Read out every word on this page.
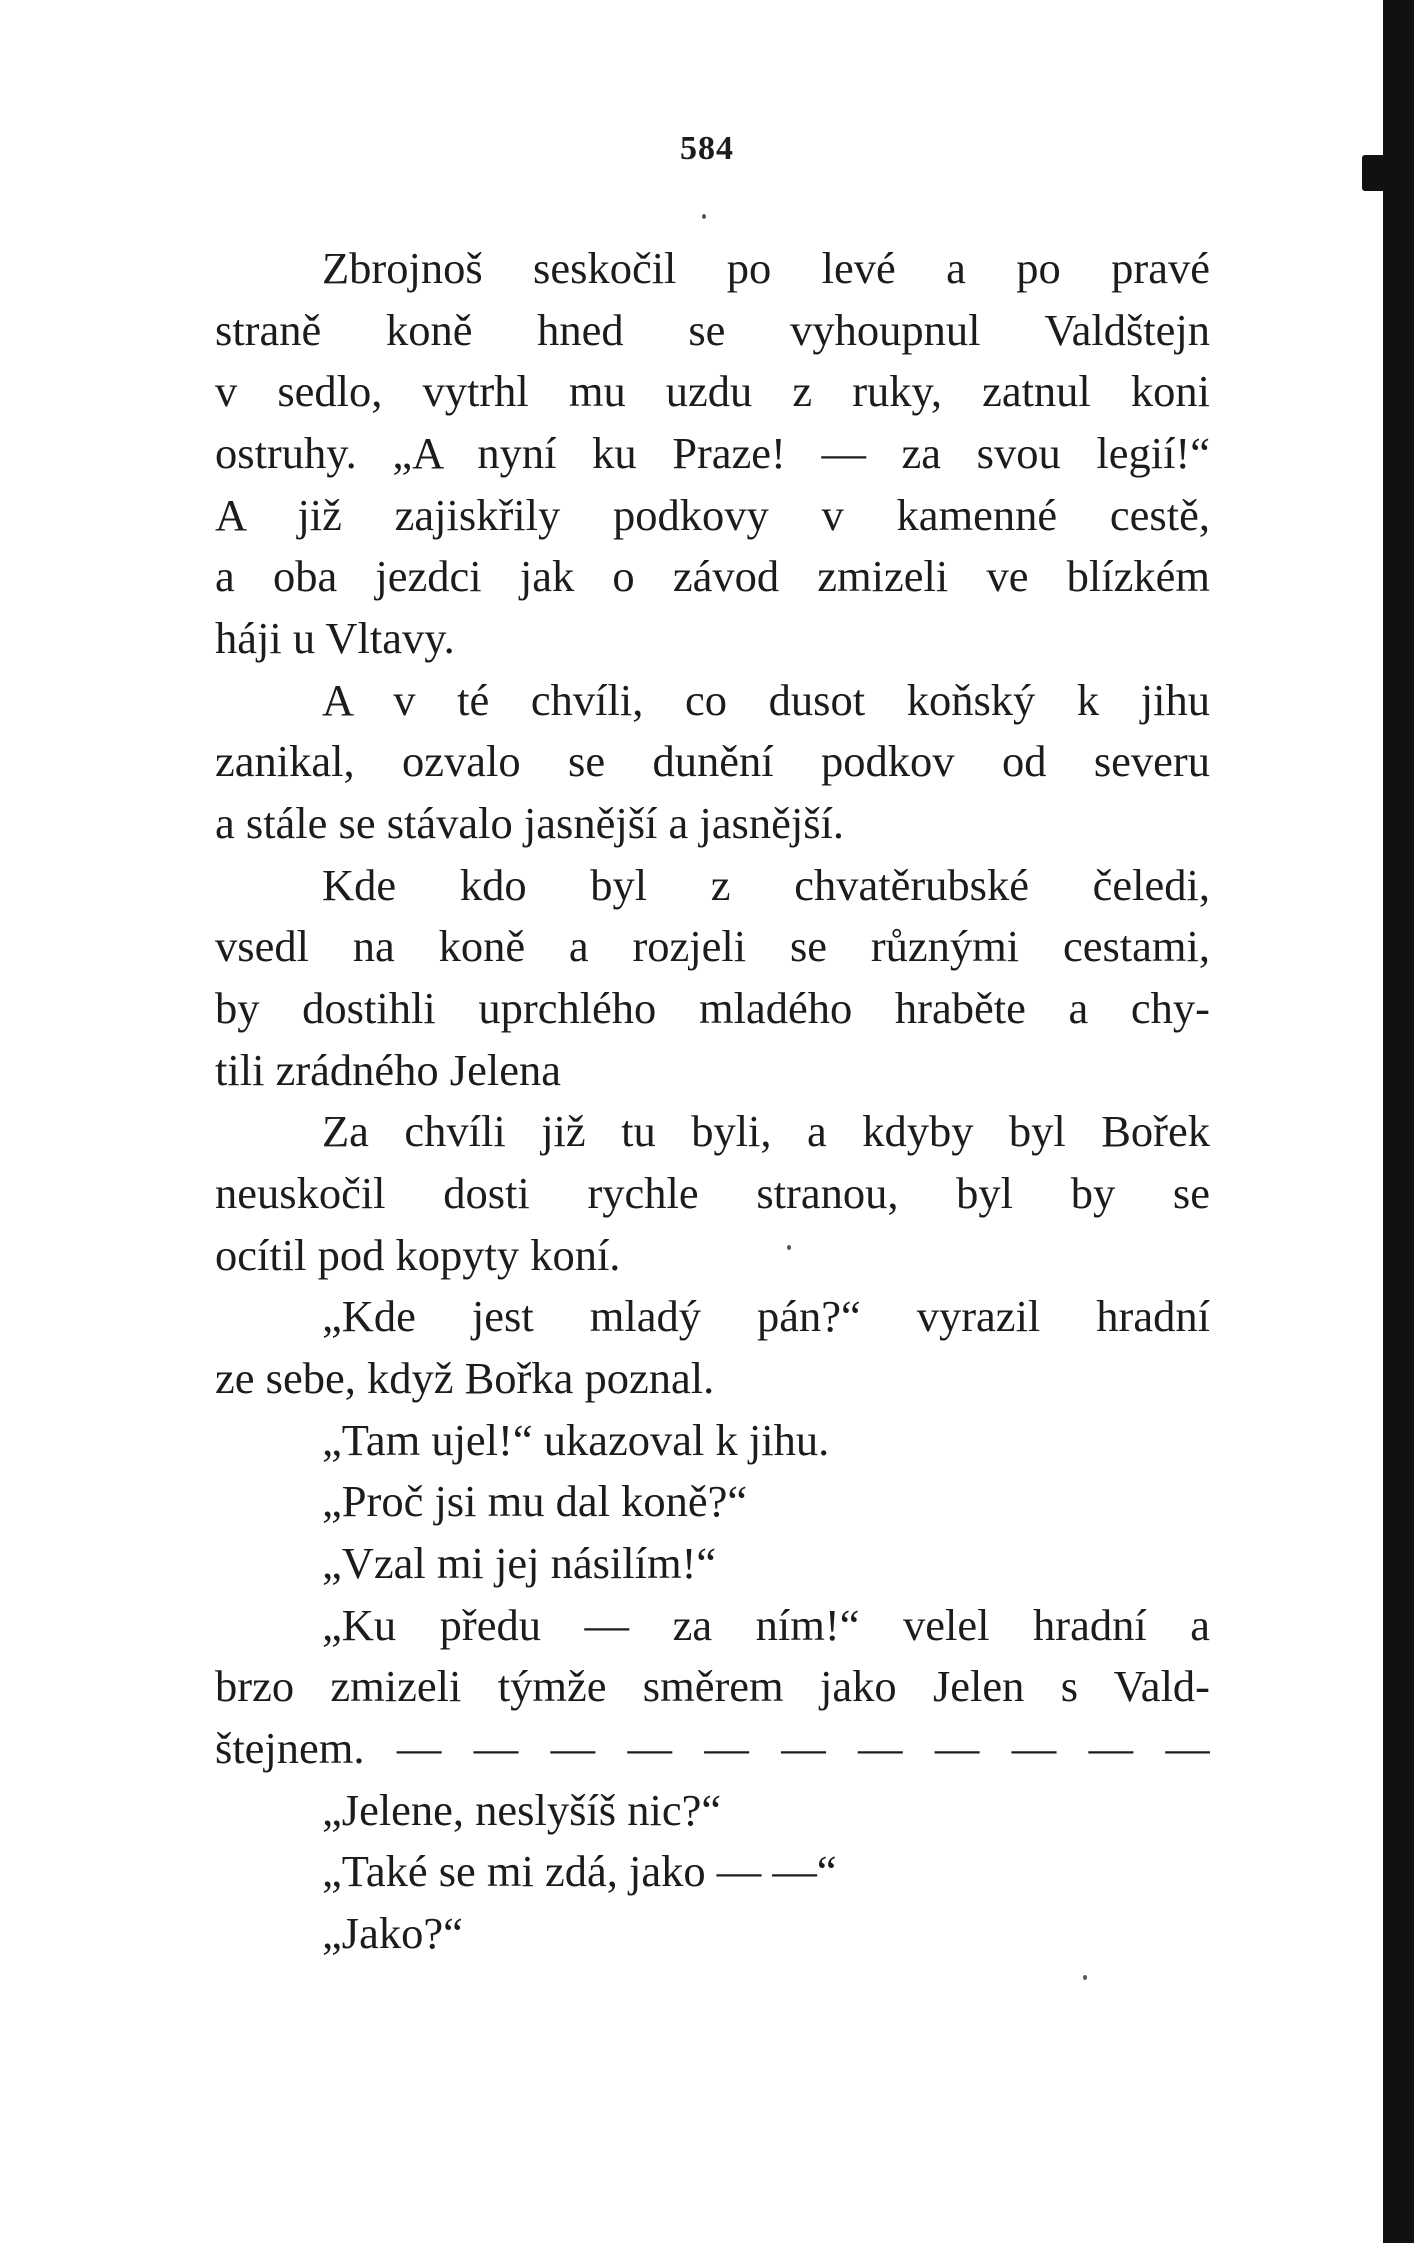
584
Zbrojnoš seskočil po levé a po pravé
straně koně hned se vyhoupnul Valdštejn
v sedlo, vytrhl mu uzdu z ruky, zatnul koni
ostruhy. „A nyní ku Praze! — za svou legií!“
A již zajiskřily podkovy v kamenné cestě,
a oba jezdci jak o závod zmizeli ve blízkém
háji u Vltavy.
A v té chvíli, co dusot koňský k jihu
zanikal, ozvalo se dunění podkov od severu
a stále se stávalo jasnější a jasnější.
Kde kdo byl z chvatěrubské čeledi,
vsedl na koně a rozjeli se různými cestami,
by dostihli uprchlého mladého hraběte a chy-
tili zrádného Jelena
Za chvíli již tu byli, a kdyby byl Bořek
neuskočil dosti rychle stranou, byl by se
ocítil pod kopyty koní.
„Kde jest mladý pán?“ vyrazil hradní
ze sebe, když Bořka poznal.
„Tam ujel!“ ukazoval k jihu.
„Proč jsi mu dal koně?“
„Vzal mi jej násilím!“
„Ku předu — za ním!“ velel hradní a
brzo zmizeli týmže směrem jako Jelen s Vald-
štejnem. — — — — — — — — — — —
„Jelene, neslyšíš nic?“
„Také se mi zdá, jako — —“
„Jako?“
